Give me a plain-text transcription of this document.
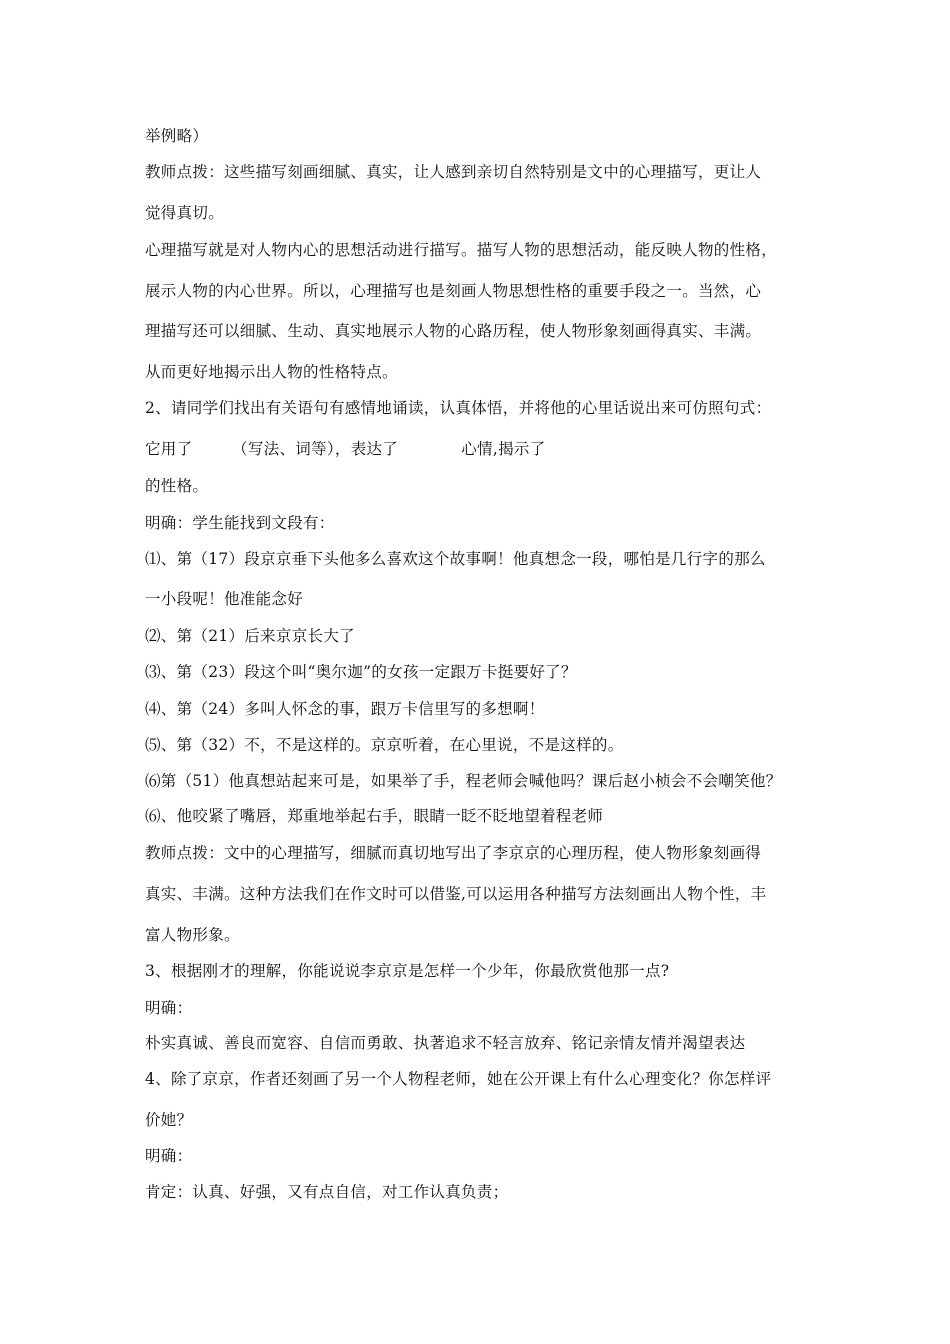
举例略）
教师点拨：这些描写刻画细腻、真实，让人感到亲切自然特别是文中的心理描写，更让人
觉得真切。
心理描写就是对人物内心的思想活动进行描写。描写人物的思想活动，能反映人物的性格，
展示人物的内心世界。所以，心理描写也是刻画人物思想性格的重要手段之一。当然，心
理描写还可以细腻、生动、真实地展示人物的心路历程，使人物形象刻画得真实、丰满。
从而更好地揭示出人物的性格特点。
2、请同学们找出有关语句有感情地诵读，认真体悟，并将他的心里话说出来可仿照句式：
它用了　　　（写法、词等），表达了　　　　心情,揭示了
的性格。
明确：学生能找到文段有：
⑴、第（17）段京京垂下头他多么喜欢这个故事啊！他真想念一段，哪怕是几行字的那么
一小段呢！他准能念好
⑵、第（21）后来京京长大了
⑶、第（23）段这个叫“奥尔迦”的女孩一定跟万卡挺要好了？
⑷、第（24）多叫人怀念的事，跟万卡信里写的多想啊！
⑸、第（32）不，不是这样的。京京听着，在心里说，不是这样的。
⑹第（51）他真想站起来可是，如果举了手，程老师会喊他吗？课后赵小桢会不会嘲笑他？
⑹、他咬紧了嘴唇，郑重地举起右手，眼睛一眨不眨地望着程老师
教师点拨：文中的心理描写，细腻而真切地写出了李京京的心理历程，使人物形象刻画得
真实、丰满。这种方法我们在作文时可以借鉴,可以运用各种描写方法刻画出人物个性，丰
富人物形象。
3、根据刚才的理解，你能说说李京京是怎样一个少年，你最欣赏他那一点?
明确：
朴实真诚、善良而宽容、自信而勇敢、执著追求不轻言放弃、铭记亲情友情并渴望表达
4、除了京京，作者还刻画了另一个人物程老师，她在公开课上有什么心理变化？你怎样评
价她？
明确：
肯定：认真、好强，又有点自信，对工作认真负责；
